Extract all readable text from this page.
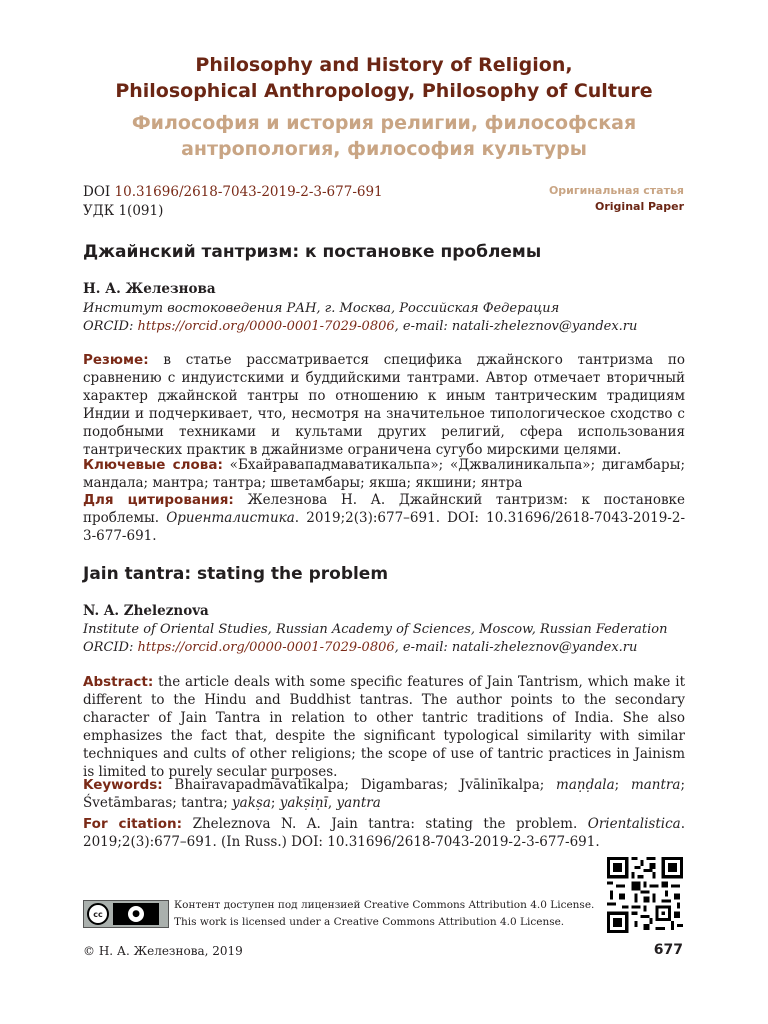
Philosophy and History of Religion,
Philosophical Anthropology, Philosophy of Culture
Философия и история религии, философская
антропология, философия культуры
DOI 10.31696/2618-7043-2019-2-3-677-691
УДК 1(091)
Оригинальная статья
Original Paper
Джайнский тантризм: к постановке проблемы
Н. А. Железнова
Институт востоковедения РАН, г. Москва, Российская Федерация
ORCID: https://orcid.org/0000-0001-7029-0806, e-mail: natali-zheleznov@yandex.ru
Резюме: в статье рассматривается специфика джайнского тантризма по сравнению с индуистскими и буддийскими тантрами. Автор отмечает вторичный характер джайнской тантры по отношению к иным тантрическим традициям Индии и подчеркивает, что, несмотря на значительное типологическое сходство с подобными техниками и культами других религий, сфера использования тантрических практик в джайнизме ограничена сугубо мирскими целями.
Ключевые слова: «Бхайравападмаватикальпа»; «Джвалиникальпа»; дигамбары; мандала; мантра; тантра; шветамбары; якша; якшини; янтра
Для цитирования: Железнова Н. А. Джайнский тантризм: к постановке проблемы. Ориенталистика. 2019;2(3):677–691. DOI: 10.31696/2618-7043-2019-2-3-677-691.
Jain tantra: stating the problem
N. A. Zheleznova
Institute of Oriental Studies, Russian Academy of Sciences, Moscow, Russian Federation
ORCID: https://orcid.org/0000-0001-7029-0806, e-mail: natali-zheleznov@yandex.ru
Abstract: the article deals with some specific features of Jain Tantrism, which make it different to the Hindu and Buddhist tantras. The author points to the secondary character of Jain Tantra in relation to other tantric traditions of India. She also emphasizes the fact that, despite the significant typological similarity with similar techniques and cults of other religions; the scope of use of tantric practices in Jainism is limited to purely secular purposes.
Keywords: Bhairavapadmāvatīkalpa; Digambaras; Jvālinīkalpa; maṇḍala; mantra; Śvetāmbaras; tantra; yakṣa; yakṣiṇī, yantra
For citation: Zheleznova N. A. Jain tantra: stating the problem. Orientalistica. 2019;2(3):677–691. (In Russ.) DOI: 10.31696/2618-7043-2019-2-3-677-691.
cc	●
Контент доступен под лицензией Creative Commons Attribution 4.0 License.
This work is licensed under a Creative Commons Attribution 4.0 License.
© Н. А. Железнова, 2019	677
